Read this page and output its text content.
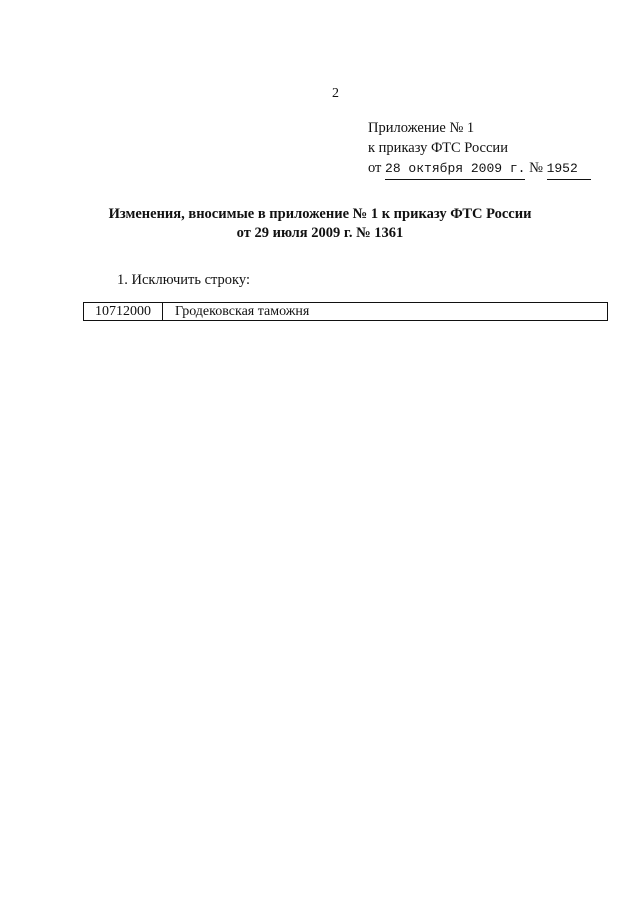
2
Приложение № 1
к приказу ФТС России
от 28 октября 2009 г. № 1952
Изменения, вносимые в приложение № 1 к приказу ФТС России
от 29 июля 2009 г. № 1361
1. Исключить строку:
10712000	Гродековская таможня
